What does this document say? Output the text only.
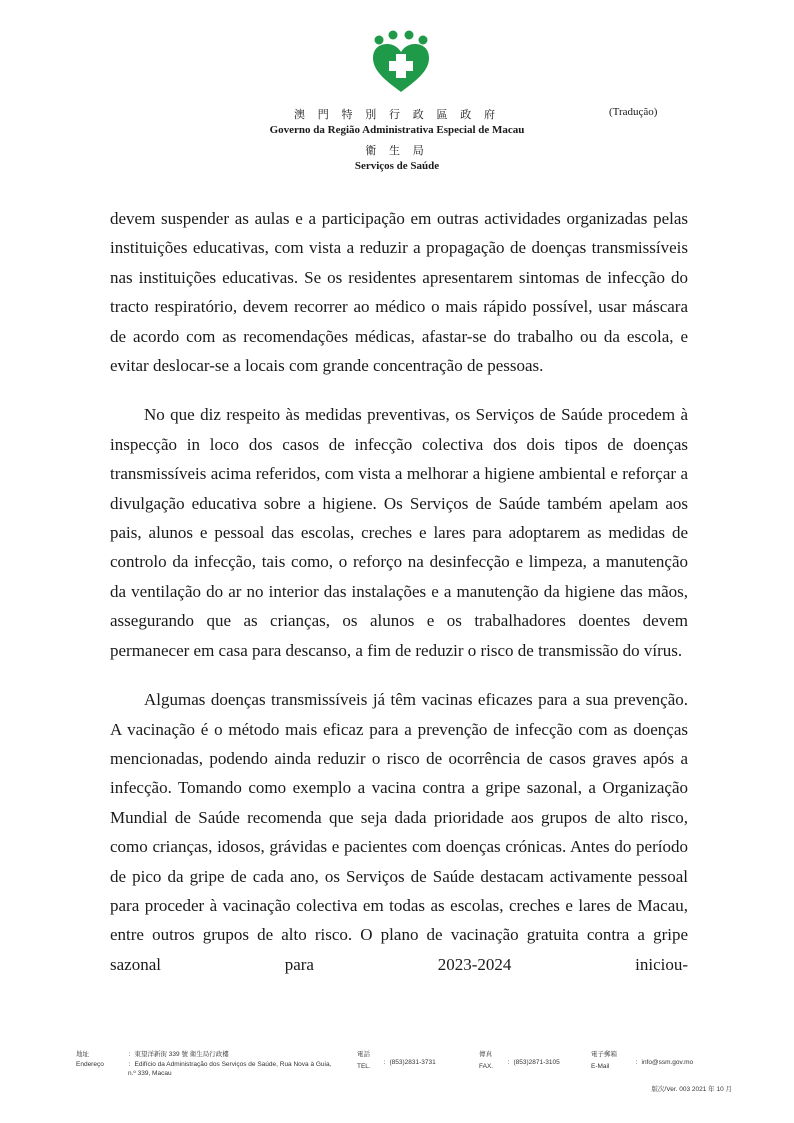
澳 門 特 別 行 政 區 政 府
Governo da Região Administrativa Especial de Macau
衛 生 局
Serviços de Saúde
(Tradução)

devem suspender as aulas e a participação em outras actividades organizadas pelas instituições educativas, com vista a reduzir a propagação de doenças transmissíveis nas instituições educativas. Se os residentes apresentarem sintomas de infecção do tracto respiratório, devem recorrer ao médico o mais rápido possível, usar máscara de acordo com as recomendações médicas, afastar-se do trabalho ou da escola, e evitar deslocar-se a locais com grande concentração de pessoas.

No que diz respeito às medidas preventivas, os Serviços de Saúde procedem à inspecção in loco dos casos de infecção colectiva dos dois tipos de doenças transmissíveis acima referidos, com vista a melhorar a higiene ambiental e reforçar a divulgação educativa sobre a higiene. Os Serviços de Saúde também apelam aos pais, alunos e pessoal das escolas, creches e lares para adoptarem as medidas de controlo da infecção, tais como, o reforço na desinfecção e limpeza, a manutenção da ventilação do ar no interior das instalações e a manutenção da higiene das mãos, assegurando que as crianças, os alunos e os trabalhadores doentes devem permanecer em casa para descanso, a fim de reduzir o risco de transmissão do vírus.

Algumas doenças transmissíveis já têm vacinas eficazes para a sua prevenção. A vacinação é o método mais eficaz para a prevenção de infecção com as doenças mencionadas, podendo ainda reduzir o risco de ocorrência de casos graves após a infecção. Tomando como exemplo a vacina contra a gripe sazonal, a Organização Mundial de Saúde recomenda que seja dada prioridade aos grupos de alto risco, como crianças, idosos, grávidas e pacientes com doenças crónicas. Antes do período de pico da gripe de cada ano, os Serviços de Saúde destacam activamente pessoal para proceder à vacinação colectiva em todas as escolas, creches e lares de Macau, entre outros grupos de alto risco. O plano de vacinação gratuita contra a gripe sazonal para 2023-2024 iniciou-

地址
Endereço
：東望洋新街 339 號 衛生局行政樓
：Edifício da Administração dos Serviços de Saúde, Rua Nova à Guia, n.º 339, Macau
電話
TEL.
：(853)2831-3731
傳真
FAX.
：(853)2871-3105
電子郵箱
E-Mail
：info@ssm.gov.mo
版次/Ver. 003 2021 年 10 月
